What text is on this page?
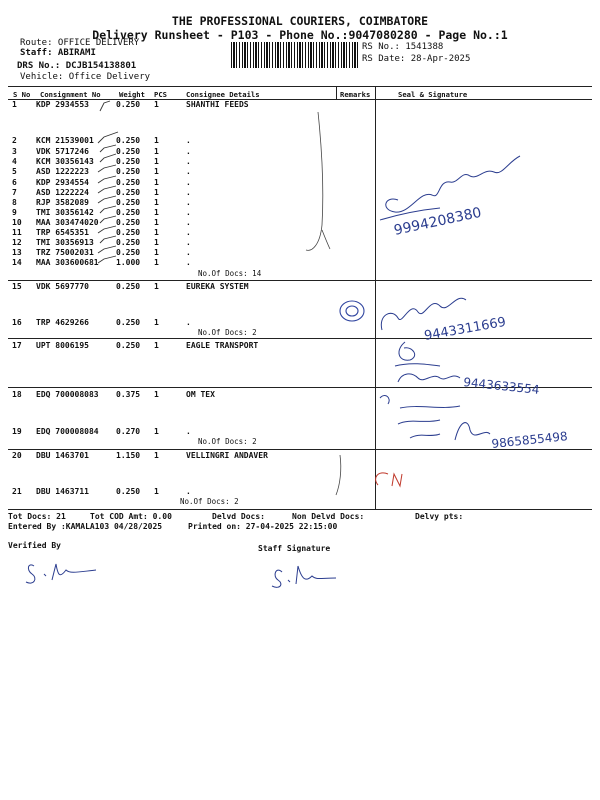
THE PROFESSIONAL COURIERS, COIMBATORE
Delivery Runsheet - P103 - Phone No.:9047080280 - Page No.:1
Route: OFFICE DELIVERY
Staff: ABIRAMI
DRS No.: DCJB154138801
Vehicle: Office Delivery
RS No.: 1541388
RS Date: 28-Apr-2025
S No Consignment No	Weight PCS	Consignee Details	Remarks	Seal & Signature
1 KDP 2934553	0.250 1	SHANTHI FEEDS
2 KCM 21539001	0.250 1	.
3 VDK 5717246	0.250 1	.
4 KCM 30356143	0.250 1	.
5 ASD 1222223	0.250 1	.
6 KDP 2934554	0.250 1	.
7 ASD 1222224	0.250 1	.
8 RJP 3582089	0.250 1	.
9 TMI 30356142	0.250 1	.
10 MAA 303474020 0.250 1	.
11 TRP 6545351	0.250 1	.
12 TMI 30356913	0.250 1	.
13 TRZ 75002031	0.250 1	.
14 MAA 303600681 1.000 1	.
No.Of Docs: 14
15 VDK 5697770	0.250 1	EUREKA SYSTEM
16 TRP 4629266	0.250 1	.
No.Of Docs: 2
17 UPT 8006195	0.250 1	EAGLE TRANSPORT
18 EDQ 700008083 0.375 1	OM TEX
19 EDQ 700008084 0.270 1	.
No.Of Docs: 2
20 DBU 1463701	1.150 1	VELLINGRI ANDAVER
21 DBU 1463711	0.250 1	.
No.Of Docs: 2
Tot Docs: 21	Tot COD Amt: 0.00	Delvd Docs:	Non Delvd Docs:	Delvy pts:
Entered By :KAMALA103 04/28/2025	Printed on: 27-04-2025 22:15:00
Verified By	Staff Signature
9994208380
9443311669
9443633554
9865855498
